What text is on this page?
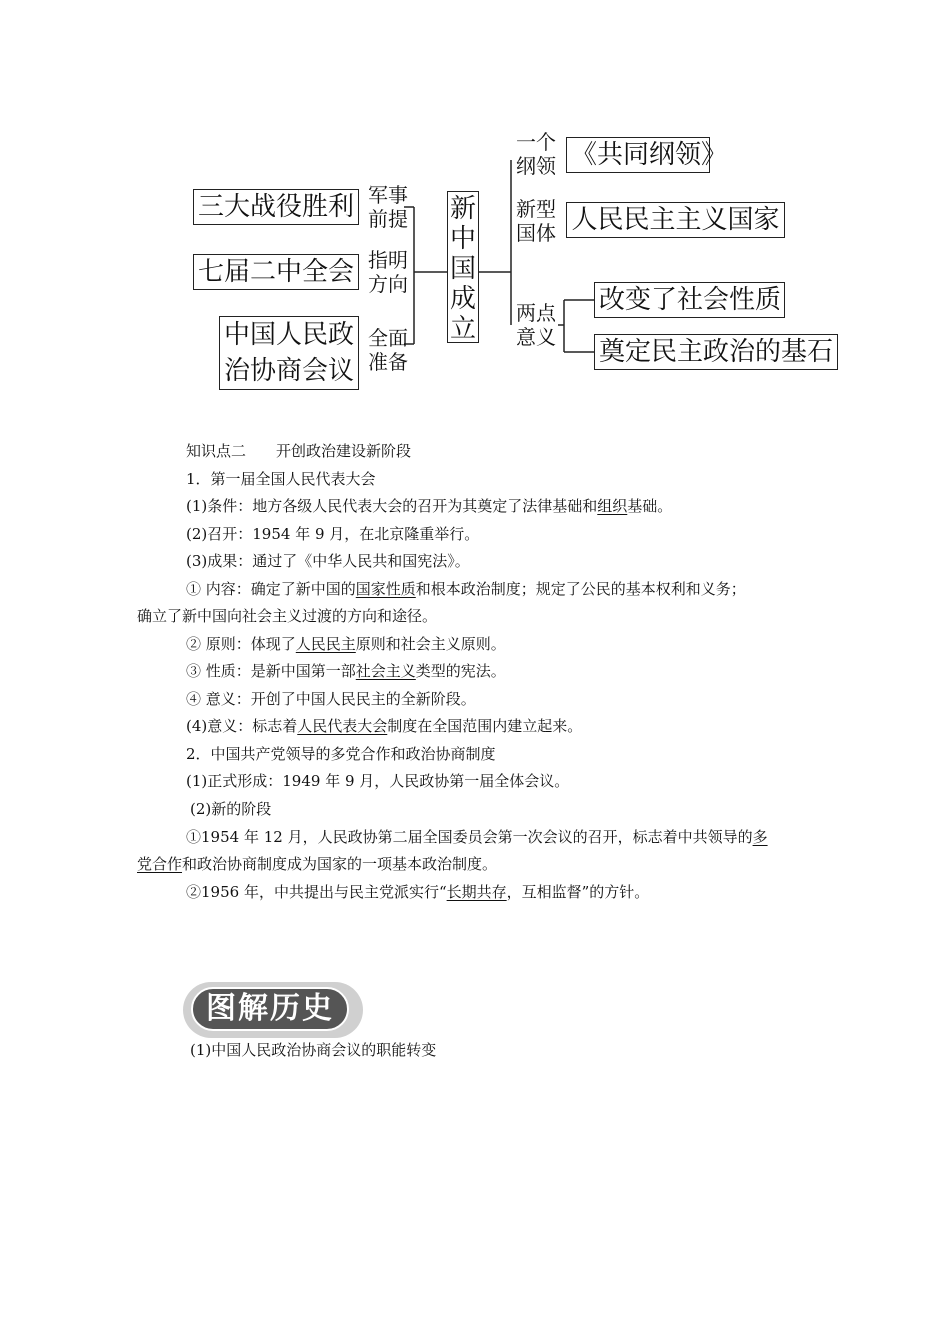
三大战役胜利 军事
前提
七届二中全会 指明
方向
中国人民政
治协商会议
全面
准备
新
中
国
成
立
一个
纲领 《共同纲领》
新型
国体 人民民主主义国家
两点
意义
改变了社会性质
奠定民主政治的基石
知识点二　　开创政治建设新阶段
1．第一届全国人民代表大会
(1)条件：地方各级人民代表大会的召开为其奠定了法律基础和组织基础。
(2)召开：1954 年 9 月，在北京隆重举行。
(3)成果：通过了《中华人民共和国宪法》。
① 内容：确定了新中国的国家性质和根本政治制度；规定了公民的基本权利和义务；
确立了新中国向社会主义过渡的方向和途径。
② 原则：体现了人民民主原则和社会主义原则。
③ 性质：是新中国第一部社会主义类型的宪法。
④ 意义：开创了中国人民民主的全新阶段。
(4)意义：标志着人民代表大会制度在全国范围内建立起来。
2．中国共产党领导的多党合作和政治协商制度
(1)正式形成：1949 年 9 月，人民政协第一届全体会议。
(2)新的阶段
①1954 年 12 月，人民政协第二届全国委员会第一次会议的召开，标志着中共领导的多
党合作和政治协商制度成为国家的一项基本政治制度。
②1956 年，中共提出与民主党派实行“长期共存，互相监督”的方针。
图解历史
(1)中国人民政治协商会议的职能转变
